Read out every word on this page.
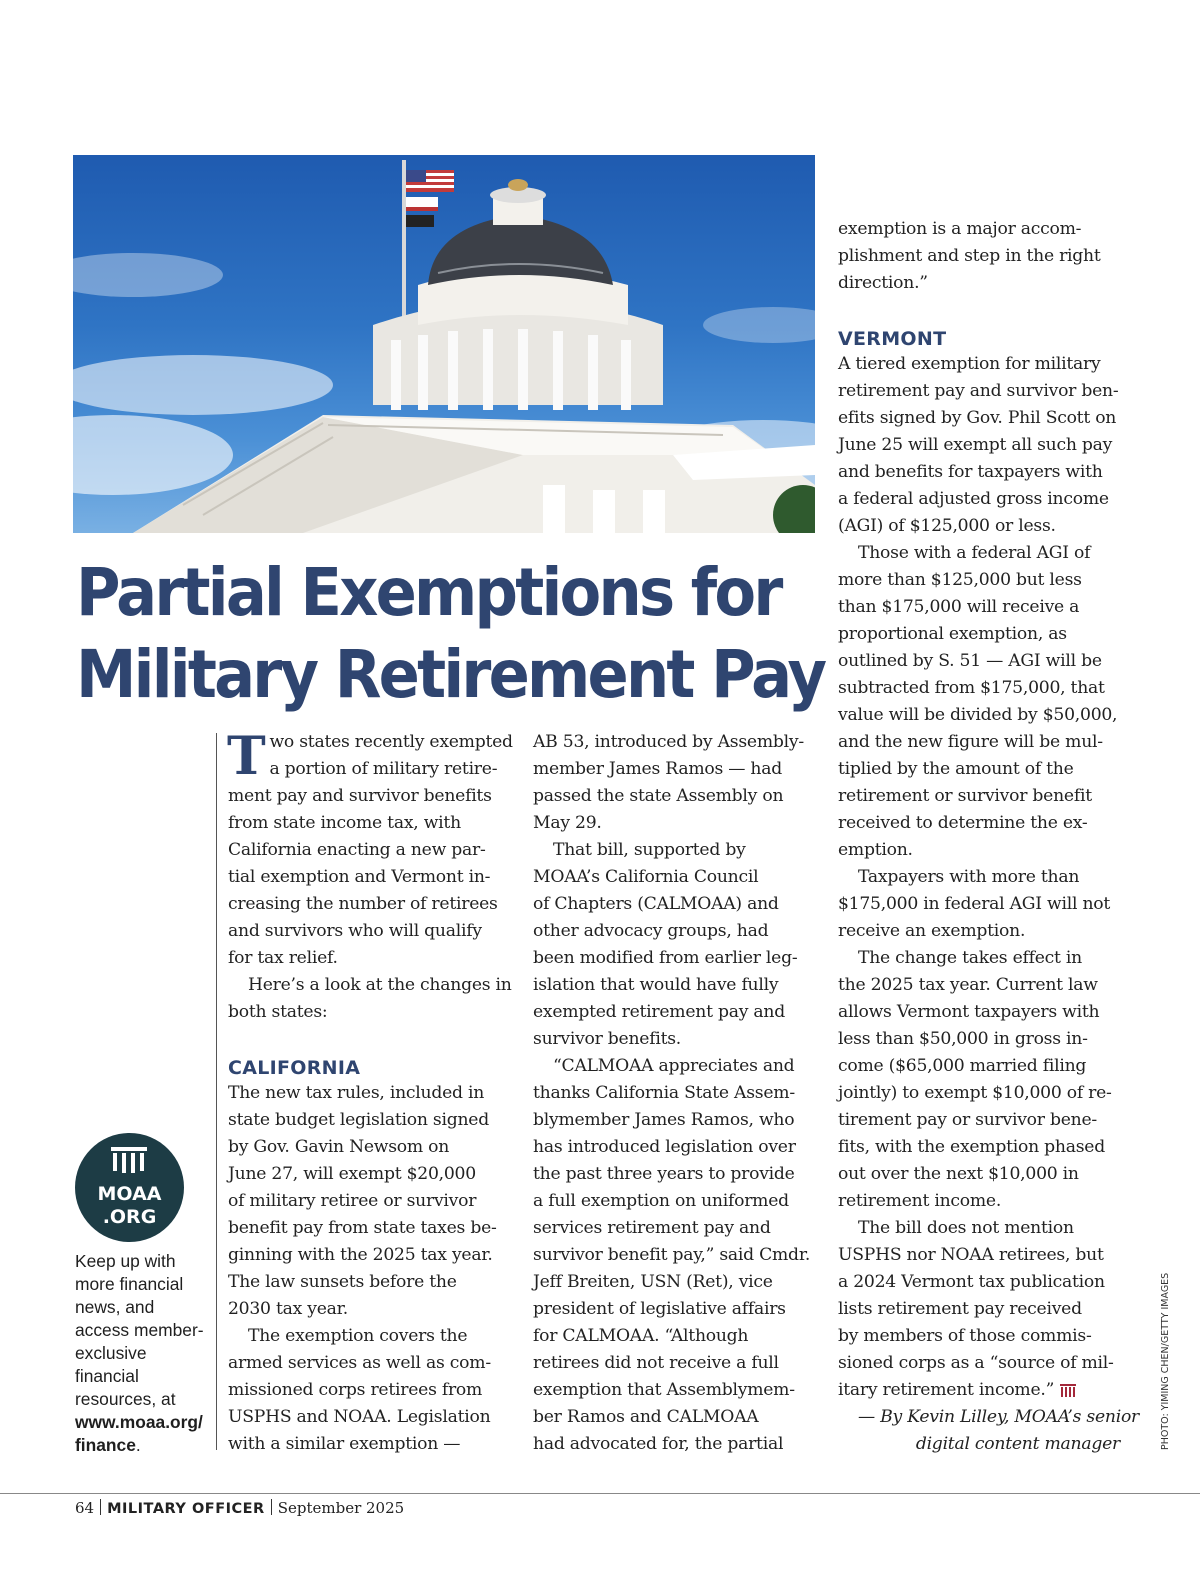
Partial Exemptions for
Military Retirement Pay
T wo states recently exempted
a portion of military retire-
ment pay and survivor benefits
from state income tax, with
California enacting a new par-
tial exemption and Vermont in-
creasing the number of retirees
and survivors who will qualify
for tax relief.
Here’s a look at the changes in
both states:
CALIFORNIA
The new tax rules, included in
state budget legislation signed
by Gov. Gavin Newsom on
June 27, will exempt $20,000
of military retiree or survivor
benefit pay from state taxes be-
ginning with the 2025 tax year.
The law sunsets before the
2030 tax year.
The exemption covers the
armed services as well as com-
missioned corps retirees from
USPHS and NOAA. Legislation
with a similar exemption —
AB 53, introduced by Assembly-
member James Ramos — had
passed the state Assembly on
May 29.
That bill, supported by
MOAA’s California Council
of Chapters (CALMOAA) and
other advocacy groups, had
been modified from earlier leg-
islation that would have fully
exempted retirement pay and
survivor benefits.
“CALMOAA appreciates and
thanks California State Assem-
blymember James Ramos, who
has introduced legislation over
the past three years to provide
a full exemption on uniformed
services retirement pay and
survivor benefit pay,” said Cmdr.
Jeff Breiten, USN (Ret), vice
president of legislative affairs
for CALMOAA. “Although
retirees did not receive a full
exemption that Assemblymem-
ber Ramos and CALMOAA
had advocated for, the partial
exemption is a major accom-
plishment and step in the right
direction.”
VERMONT
A tiered exemption for military
retirement pay and survivor ben-
efits signed by Gov. Phil Scott on
June 25 will exempt all such pay
and benefits for taxpayers with
a federal adjusted gross income
(AGI) of $125,000 or less.
Those with a federal AGI of
more than $125,000 but less
than $175,000 will receive a
proportional exemption, as
outlined by S. 51 — AGI will be
subtracted from $175,000, that
value will be divided by $50,000,
and the new figure will be mul-
tiplied by the amount of the
retirement or survivor benefit
received to determine the ex-
emption.
Taxpayers with more than
$175,000 in federal AGI will not
receive an exemption.
The change takes effect in
the 2025 tax year. Current law
allows Vermont taxpayers with
less than $50,000 in gross in-
come ($65,000 married filing
jointly) to exempt $10,000 of re-
tirement pay or survivor bene-
fits, with the exemption phased
out over the next $10,000 in
retirement income.
The bill does not mention
USPHS nor NOAA retirees, but
a 2024 Vermont tax publication
lists retirement pay received
by members of those commis-
sioned corps as a “source of mil-
itary retirement income.”
— By Kevin Lilley, MOAA’s senior
digital content manager
MOAA
.ORG
Keep up with
more financial
news, and
access member-
exclusive
financial
resources, at
www.moaa.org/
finance.	PHOTO: YIMING CHEN/GETTY IMAGES
64 MILITARY OFFICER September 2025
